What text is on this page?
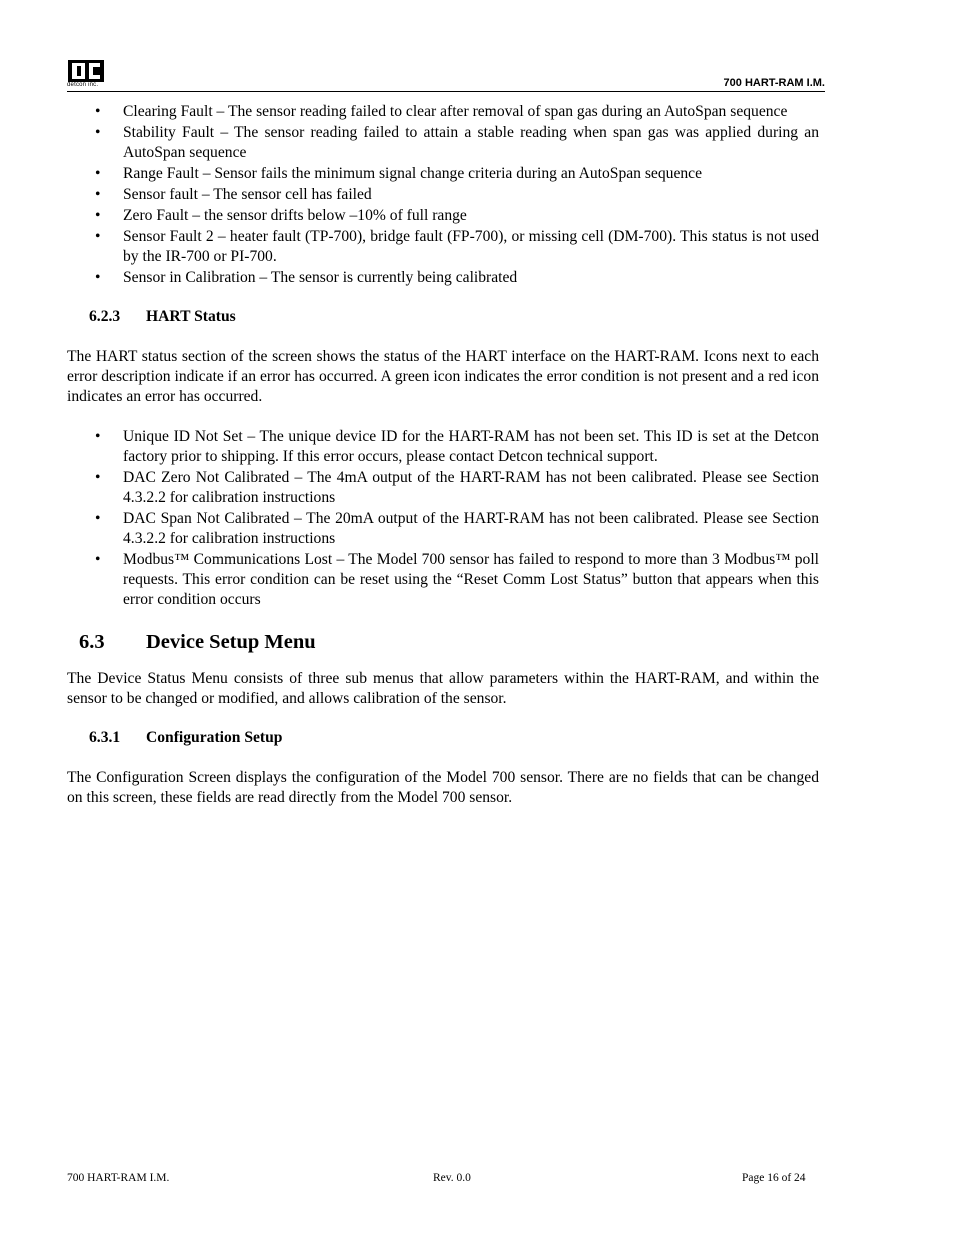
detcon inc.	700 HART-RAM I.M.
• Clearing Fault – The sensor reading failed to clear after removal of span gas during an AutoSpan sequence
• Stability Fault – The sensor reading failed to attain a stable reading when span gas was applied during an AutoSpan sequence
• Range Fault – Sensor fails the minimum signal change criteria during an AutoSpan sequence
• Sensor fault – The sensor cell has failed
• Zero Fault – the sensor drifts below –10% of full range
• Sensor Fault 2 – heater fault (TP-700), bridge fault (FP-700), or missing cell (DM-700). This status is not used by the IR-700 or PI-700.
• Sensor in Calibration – The sensor is currently being calibrated
6.2.3 HART Status

The HART status section of the screen shows the status of the HART interface on the HART-RAM. Icons next to each error description indicate if an error has occurred. A green icon indicates the error condition is not present and a red icon indicates an error has occurred.

• Unique ID Not Set – The unique device ID for the HART-RAM has not been set. This ID is set at the Detcon factory prior to shipping. If this error occurs, please contact Detcon technical support.
• DAC Zero Not Calibrated – The 4mA output of the HART-RAM has not been calibrated. Please see Section 4.3.2.2 for calibration instructions
• DAC Span Not Calibrated – The 20mA output of the HART-RAM has not been calibrated. Please see Section 4.3.2.2 for calibration instructions
• Modbus™ Communications Lost – The Model 700 sensor has failed to respond to more than 3 Modbus™ poll requests. This error condition can be reset using the “Reset Comm Lost Status” button that appears when this error condition occurs
6.3 Device Setup Menu

The Device Status Menu consists of three sub menus that allow parameters within the HART-RAM, and within the sensor to be changed or modified, and allows calibration of the sensor.

6.3.1 Configuration Setup

The Configuration Screen displays the configuration of the Model 700 sensor. There are no fields that can be changed on this screen, these fields are read directly from the Model 700 sensor.

700 HART-RAM I.M.	Rev. 0.0	Page 16 of 24
